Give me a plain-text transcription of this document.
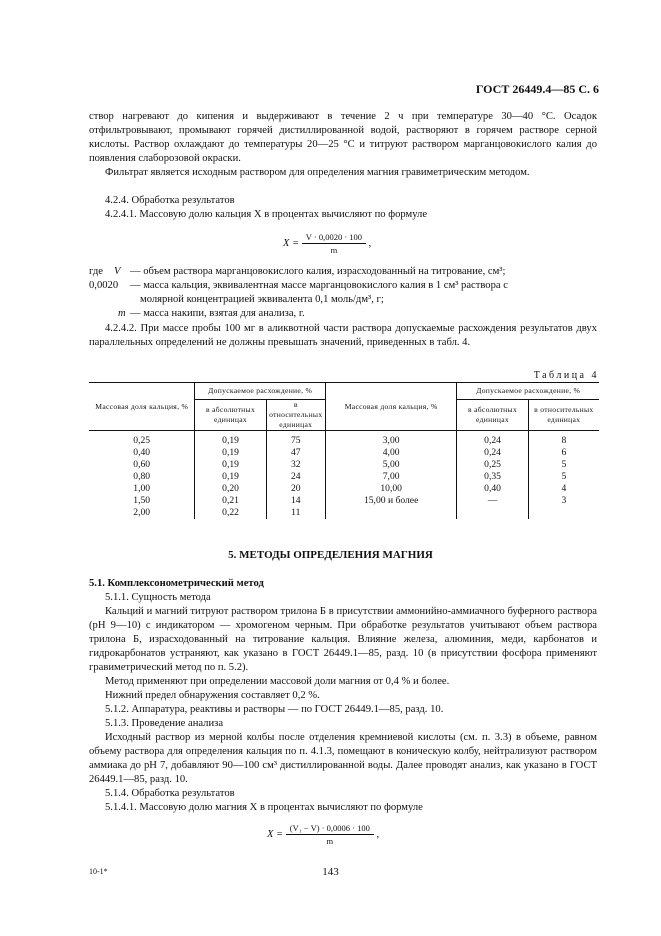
ГОСТ 26449.4—85 С. 6

створ нагревают до кипения и выдерживают в течение 2 ч при температуре 30—40 °С. Осадок отфильтровывают, промывают горячей дистиллированной водой, растворяют в горячем растворе серной кислоты. Раствор охлаждают до температуры 20—25 °С и титруют раствором марганцовокислого калия до появления слаборозовой окраски.

Фильтрат является исходным раствором для определения магния гравиметрическим методом.

4.2.4. Обработка результатов

4.2.4.1. Массовую долю кальция X в процентах вычисляют по формуле

$X = \frac{V \cdot 0,0020 \cdot 100}{m}$ ,
где V — объем раствора марганцовокислого калия, израсходованный на титрование, см³;
0,0020 — масса кальция, эквивалентная массе марганцовокислого калия в 1 см³ раствора с
молярной концентрацией эквивалента 0,1 моль/дм³, г;
m — масса накипи, взятая для анализа, г.

4.2.4.2. При массе пробы 100 мг в аликвотной части раствора допускаемые расхождения результатов двух параллельных определений не должны превышать значений, приведенных в табл. 4.

Таблица 4
Массовая доля кальция, %	Допускаемое расхождение, %		Массовая доля кальция, %	Допускаемое расхождение, %	
	в абсолютных единицах	в относительных единицах		в абсолютных единицах	в относительных единицах
0,25	0,19	75	3,00	0,24	8
0,40	0,19	47	4,00	0,24	6
0,60	0,19	32	5,00	0,25	5
0,80	0,19	24	7,00	0,35	5
1,00	0,20	20	10,00	0,40	4
1,50	0,21	14	15,00 и более	—	3
2,00	0,22	11			
5. МЕТОДЫ ОПРЕДЕЛЕНИЯ МАГНИЯ

5.1. Комплексонометрический метод

5.1.1. Сущность метода

Кальций и магний титруют раствором трилона Б в присутствии аммонийно-аммиачного буферного раствора (рН 9—10) с индикатором — хромогеном черным. При обработке результатов учитывают объем раствора трилона Б, израсходованный на титрование кальция. Влияние железа, алюминия, меди, карбонатов и гидрокарбонатов устраняют, как указано в ГОСТ 26449.1—85, разд. 10 (в присутствии фосфора применяют гравиметрический метод по п. 5.2).

Метод применяют при определении массовой доли магния от 0,4 % и более.

Нижний предел обнаружения составляет 0,2 %.

5.1.2. Аппаратура, реактивы и растворы — по ГОСТ 26449.1—85, разд. 10.

5.1.3. Проведение анализа

Исходный раствор из мерной колбы после отделения кремниевой кислоты (см. п. 3.3) в объеме, равном объему раствора для определения кальция по п. 4.1.3, помещают в коническую колбу, нейтрализуют раствором аммиака до рН 7, добавляют 90—100 см³ дистиллированной воды. Далее проводят анализ, как указано в ГОСТ 26449.1—85, разд. 10.

5.1.4. Обработка результатов

5.1.4.1. Массовую долю магния X в процентах вычисляют по формуле

$X = \frac{\text{(V₁ − V) · 0,0006 · 100}}{m}$ ,
10-1*	143
